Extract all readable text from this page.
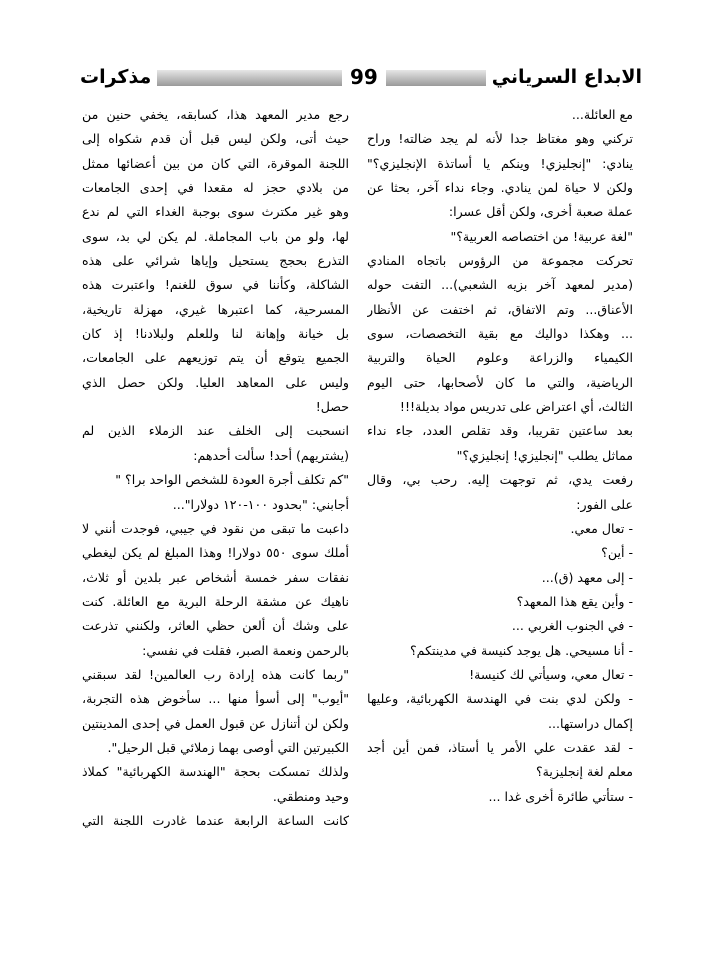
مذكرات	99	الابداع السرياني
مع العائلة...
تركني وهو مغتاظ جدا لأنه لم يجد ضالته! وراح
ينادي: "إنجليزي! وينكم يا أساتذة الإنجليزي؟"
ولكن لا حياة لمن ينادي. وجاء نداء آخر، بحثا عن
عملة صعبة أخرى، ولكن أقل عسرا:
"لغة عربية! من اختصاصه العربية؟"
تحركت مجموعة من الرؤوس باتجاه المنادي
(مدير لمعهد آخر بزيه الشعبي)... التفت حوله
الأعناق... وتم الاتفاق، ثم اختفت عن الأنظار
... وهكذا دواليك مع بقية التخصصات، سوى
الكيمياء والزراعة وعلوم الحياة والتربية
الرياضية، والتي ما كان لأصحابها، حتى اليوم
الثالث، أي اعتراض على تدريس مواد بديلة!!!
بعد ساعتين تقريبا، وقد تقلص العدد، جاء نداء
مماثل يطلب "إنجليزي! إنجليزي؟"
رفعت يدي، ثم توجهت إليه. رحب بي، وقال
على الفور:
- تعال معي.
- أين؟
- إلى معهد (ق)...
- وأين يقع هذا المعهد؟
- في الجنوب الغربي ...
- أنا مسيحي. هل يوجد كنيسة في مدينتكم؟
- تعال معي، وسيأتي لك كنيسة!
- ولكن لدي بنت في الهندسة الكهربائية، وعليها
إكمال دراستها...
- لقد عقدت علي الأمر يا أستاذ، فمن أين أجد
معلم لغة إنجليزية؟
- ستأتي طائرة أخرى غدا ...
رجع مدير المعهد هذا، كسابقه، يخفي حنين من
حيث أتى، ولكن ليس قبل أن قدم شكواه إلى
اللجنة الموقرة، التي كان من بين أعضائها ممثل
من بلادي حجز له مقعدا في إحدى الجامعات
وهو غير مكترث سوى بوجبة الغداء التي لم ندع
لها، ولو من باب المجاملة. لم يكن لي بد، سوى
التذرع بحجج يستحيل وإياها شرائي على هذه
الشاكلة، وكأننا في سوق للغنم! واعتبرت هذه
المسرحية، كما اعتبرها غيري، مهزلة تاريخية،
بل خيانة وإهانة لنا وللعلم ولبلادنا! إذ كان
الجميع يتوقع أن يتم توزيعهم على الجامعات،
وليس على المعاهد العليا. ولكن حصل الذي
حصل!
انسحبت إلى الخلف عند الزملاء الذين لم
(يشتريهم) أحد! سألت أحدهم:
"كم تكلف أجرة العودة للشخص الواحد برا؟ "
أجابني: "بحدود ١٠٠-١٢٠ دولارا"...
داعبت ما تبقى من نقود في جيبي، فوجدت أنني لا
أملك سوى ٥٥٠ دولارا! وهذا المبلغ لم يكن ليغطي
نفقات سفر خمسة أشخاص عبر بلدين أو ثلاث،
ناهيك عن مشقة الرحلة البرية مع العائلة. كنت
على وشك أن ألعن حظي العاثر، ولكنني تذرعت
بالرحمن ونعمة الصبر، فقلت في نفسي:
"ربما كانت هذه إرادة رب العالمين! لقد سبقني
"أيوب" إلى أسوأ منها ... سأخوض هذه التجربة،
ولكن لن أتنازل عن قبول العمل في إحدى المدينتين
الكبيرتين التي أوصى بهما زملائي قبل الرحيل".
ولذلك تمسكت بحجة "الهندسة الكهربائية" كملاذ
وحيد ومنطقي.
كانت الساعة الرابعة عندما غادرت اللجنة التي
